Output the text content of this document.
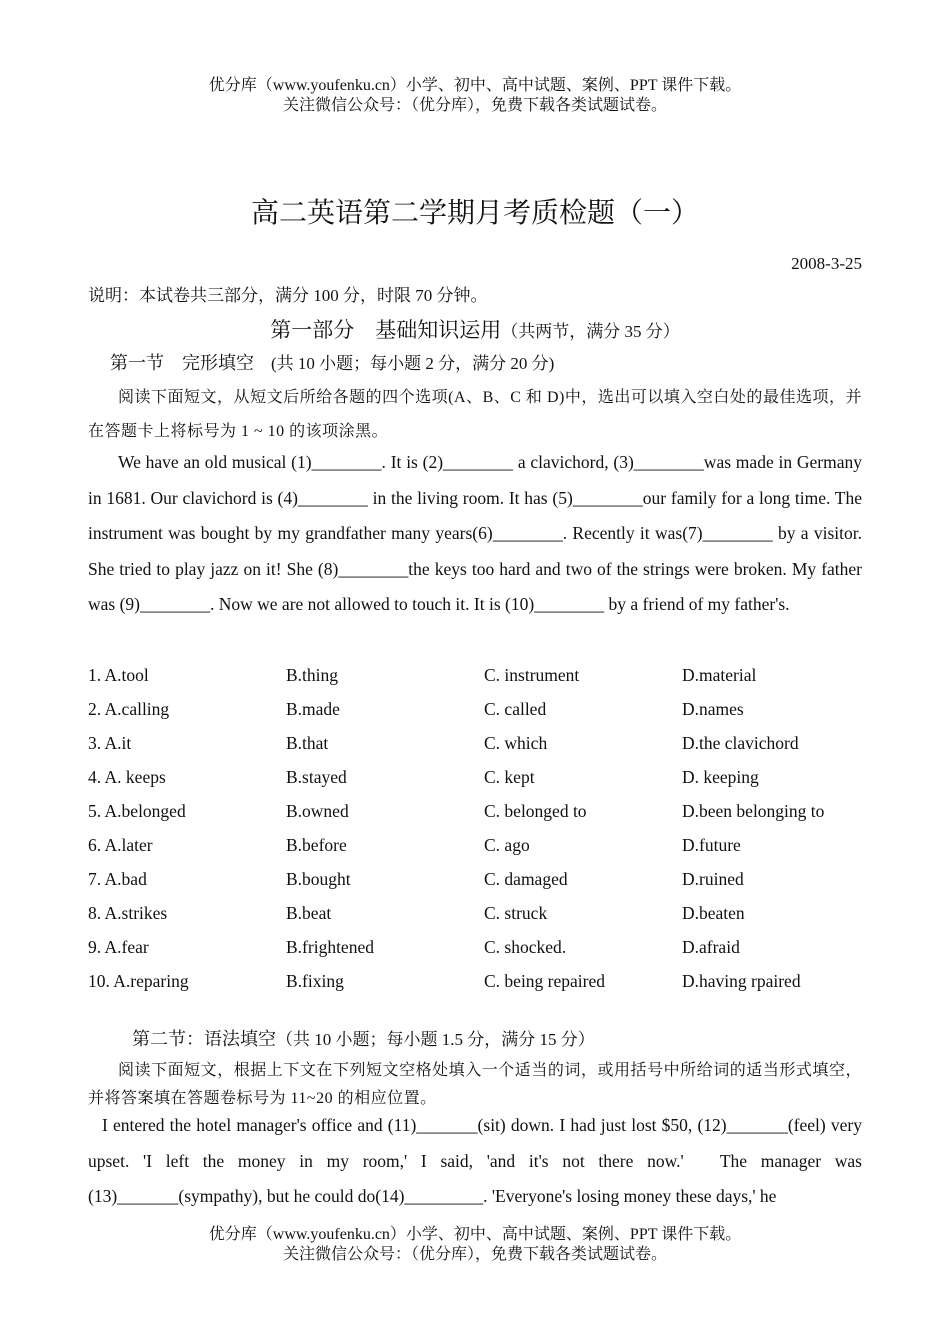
优分库（www.youfenku.cn）小学、初中、高中试题、案例、PPT 课件下载。
关注微信公众号：（优分库），免费下载各类试题试卷。
高二英语第二学期月考质检题（一）
2008-3-25
说明：本试卷共三部分，满分 100 分，时限 70 分钟。
第一部分　基础知识运用（共两节，满分 35 分）
第一节　完形填空　(共 10 小题；每小题 2 分，满分 20 分)

阅读下面短文，从短文后所给各题的四个选项(A、B、C 和 D)中，选出可以填入空白处的最佳选项，并在答题卡上将标号为 1 ~ 10 的该项涂黑。

We have an old musical (1)________. It is (2)________ a clavichord, (3)________was made in Germany in 1681. Our clavichord is (4)________ in the living room. It has (5)________our family for a long time. The instrument was bought by my grandfather many years(6)________. Recently it was(7)________ by a visitor. She tried to play jazz on it! She (8)________the keys too hard and two of the strings were broken. My father was (9)________. Now we are not allowed to touch it. It is (10)________ by a friend of my father's.

1. A.tool	B.thing	C. instrument	D.material
2. A.calling	B.made	C. called	D.names
3. A.it	B.that	C. which	D.the clavichord
4. A. keeps	B.stayed	C. kept	D. keeping
5. A.belonged	B.owned	C. belonged to	D.been belonging to
6. A.later	B.before	C. ago	D.future
7. A.bad	B.bought	C. damaged	D.ruined
8. A.strikes	B.beat	C. struck	D.beaten
9. A.fear	B.frightened	C. shocked.	D.afraid
10. A.reparing	B.fixing	C. being repaired	D.having rpaired
第二节：语法填空（共 10 小题；每小题 1.5 分，满分 15 分）

阅读下面短文，根据上下文在下列短文空格处填入一个适当的词，或用括号中所给词的适当形式填空，并将答案填在答题卷标号为 11~20 的相应位置。

I entered the hotel manager's office and (11)_______(sit) down. I had just lost $50, (12)_______(feel) very upset. 'I left the money in my room,' I said, 'and it's not there now.'　The manager was (13)_______(sympathy), but he could do(14)_________. 'Everyone's losing money these days,' he

优分库（www.youfenku.cn）小学、初中、高中试题、案例、PPT 课件下载。
关注微信公众号：（优分库），免费下载各类试题试卷。
